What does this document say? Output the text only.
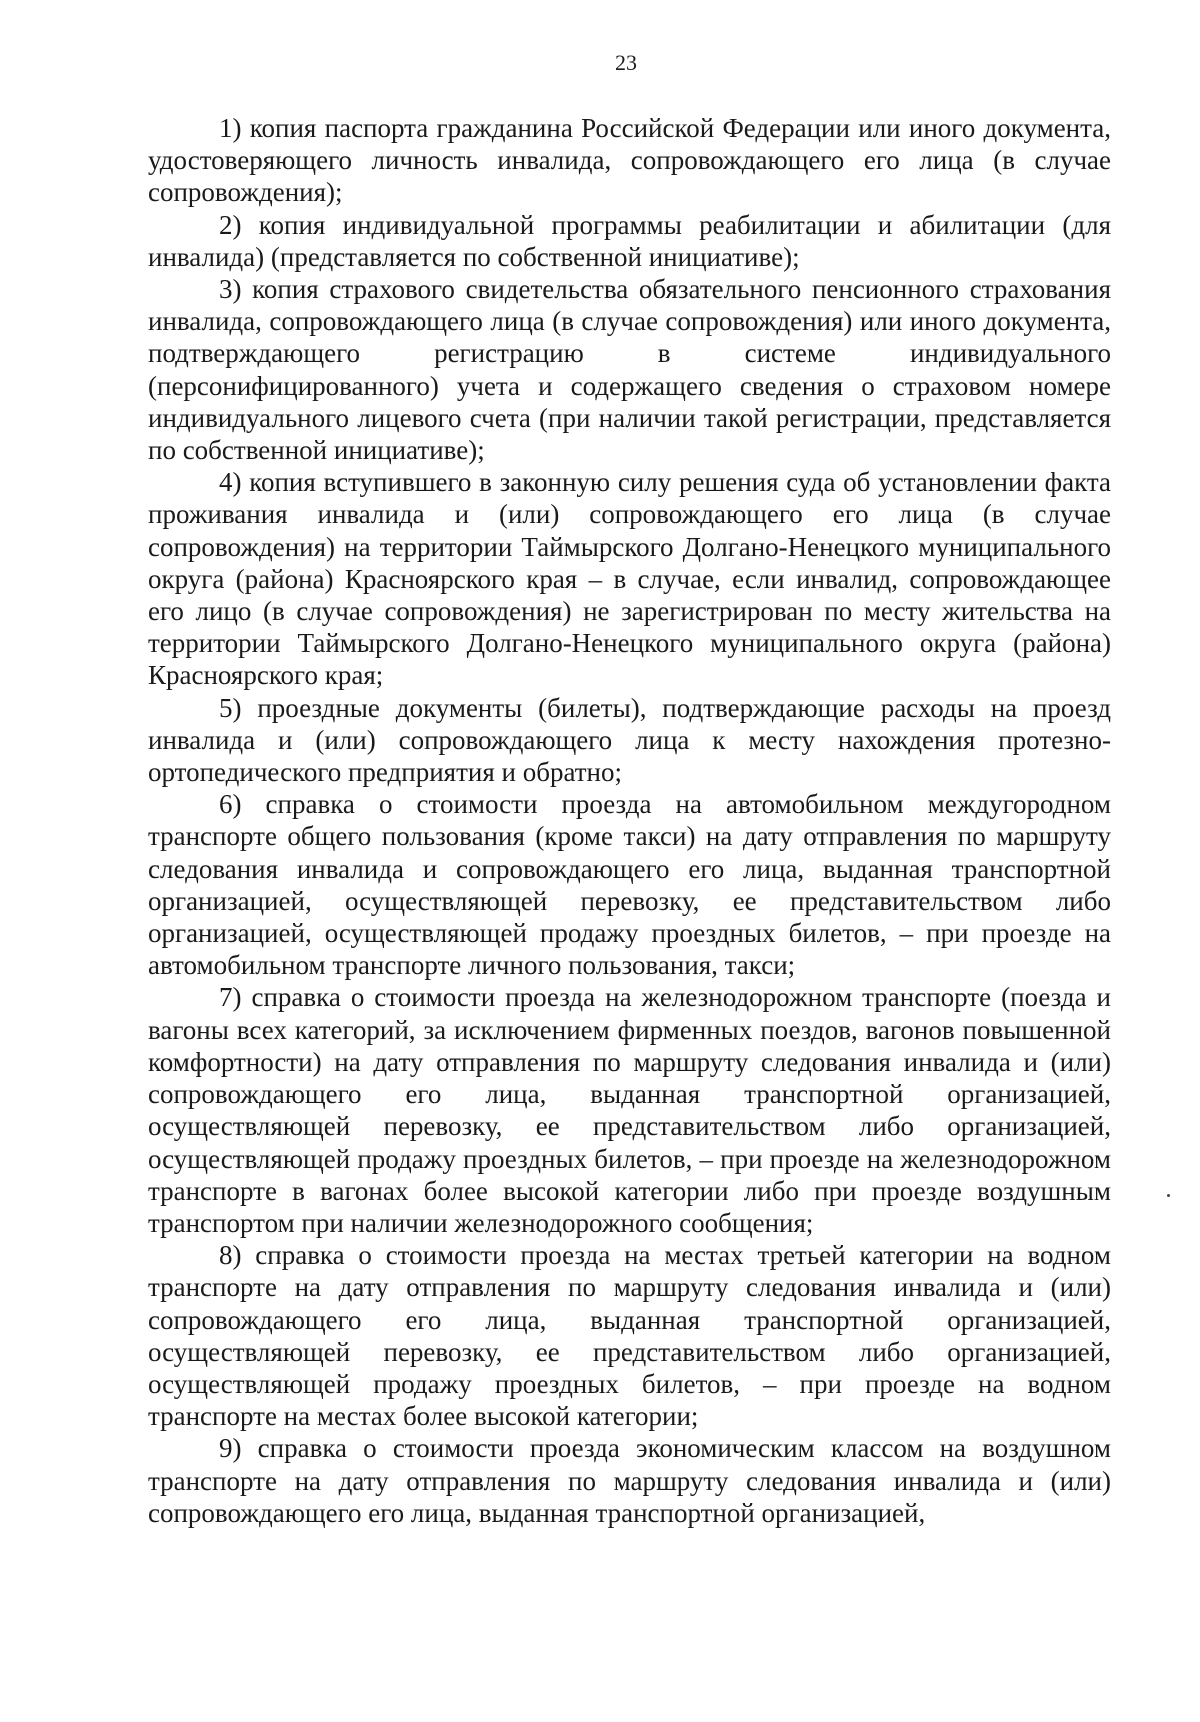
23

1) копия паспорта гражданина Российской Федерации или иного документа, удостоверяющего личность инвалида, сопровождающего его лица (в случае сопровождения);

2) копия индивидуальной программы реабилитации и абилитации (для инвалида) (представляется по собственной инициативе);

3) копия страхового свидетельства обязательного пенсионного страхования инвалида, сопровождающего лица (в случае сопровождения) или иного документа, подтверждающего регистрацию в системе индивидуального (персонифицированного) учета и содержащего сведения о страховом номере индивидуального лицевого счета (при наличии такой регистрации, представляется по собственной инициативе);

4) копия вступившего в законную силу решения суда об установлении факта проживания инвалида и (или) сопровождающего его лица (в случае сопровождения) на территории Таймырского Долгано-Ненецкого муниципального округа (района) Красноярского края – в случае, если инвалид, сопровождающее его лицо (в случае сопровождения) не зарегистрирован по месту жительства на территории Таймырского Долгано-Ненецкого муниципального округа (района) Красноярского края;

5) проездные документы (билеты), подтверждающие расходы на проезд инвалида и (или) сопровождающего лица к месту нахождения протезно-ортопедического предприятия и обратно;

6) справка о стоимости проезда на автомобильном междугородном транспорте общего пользования (кроме такси) на дату отправления по маршруту следования инвалида и сопровождающего его лица, выданная транспортной организацией, осуществляющей перевозку, ее представительством либо организацией, осуществляющей продажу проездных билетов, – при проезде на автомобильном транспорте личного пользования, такси;

7) справка о стоимости проезда на железнодорожном транспорте (поезда и вагоны всех категорий, за исключением фирменных поездов, вагонов повышенной комфортности) на дату отправления по маршруту следования инвалида и (или) сопровождающего его лица, выданная транспортной организацией, осуществляющей перевозку, ее представительством либо организацией, осуществляющей продажу проездных билетов, – при проезде на железнодорожном транспорте в вагонах более высокой категории либо при проезде воздушным транспортом при наличии железнодорожного сообщения;

8) справка о стоимости проезда на местах третьей категории на водном транспорте на дату отправления по маршруту следования инвалида и (или) сопровождающего его лица, выданная транспортной организацией, осуществляющей перевозку, ее представительством либо организацией, осуществляющей продажу проездных билетов, – при проезде на водном транспорте на местах более высокой категории;

9) справка о стоимости проезда экономическим классом на воздушном транспорте на дату отправления по маршруту следования инвалида и (или) сопровождающего его лица, выданная транспортной организацией,
